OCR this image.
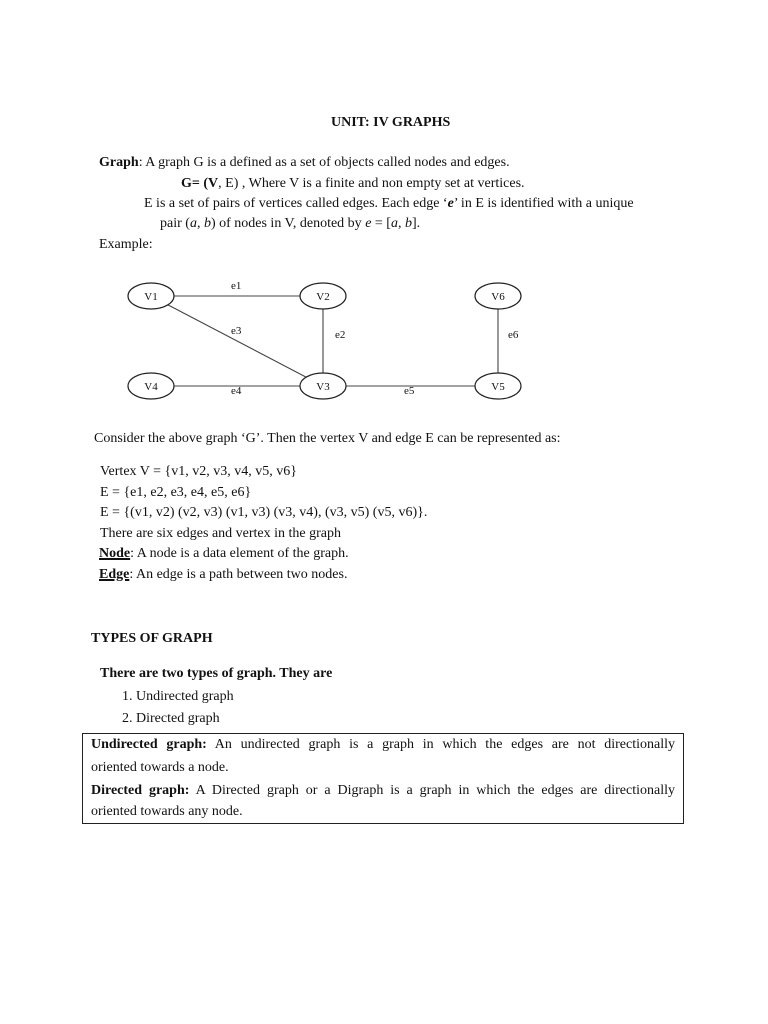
UNIT: IV GRAPHS
Graph: A graph G is a defined as a set of objects called nodes and edges.
G= (V, E) , Where V is a finite and non empty set at vertices.
E is a set of pairs of vertices called edges. Each edge ‘e’ in E is identified with a unique
pair (a, b) of nodes in V, denoted by e = [a, b].
Example:
V1	V2
V3
V4	V5
V6
e1
e2
e3
e4	e5
e6
Consider the above graph ‘G’. Then the vertex V and edge E can be represented as:
Vertex V = {v1, v2, v3, v4, v5, v6}
E = {e1, e2, e3, e4, e5, e6}
E = {(v1, v2) (v2, v3) (v1, v3) (v3, v4), (v3, v5) (v5, v6)}.
There are six edges and vertex in the graph
Node: A node is a data element of the graph.
Edge: An edge is a path between two nodes.
TYPES OF GRAPH
There are two types of graph. They are
1. Undirected graph
2. Directed graph
Undirected graph: An undirected graph is a graph in which the edges are not directionally
oriented towards a node.
Directed graph: A Directed graph or a Digraph is a graph in which the edges are directionally
oriented towards any node.
